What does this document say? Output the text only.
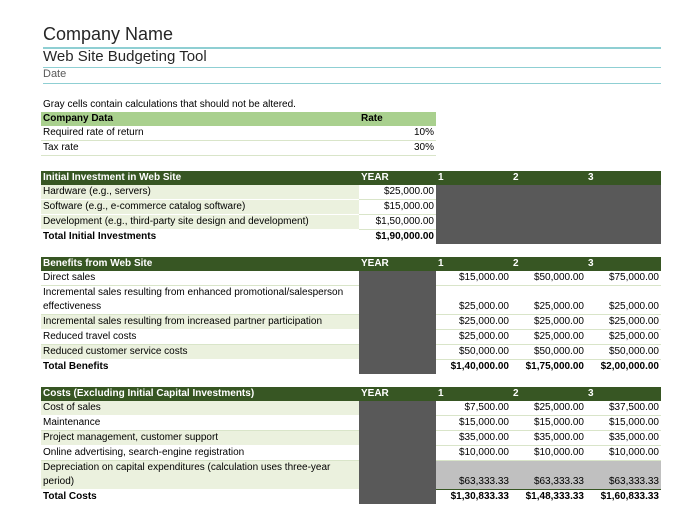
Company Name
Web Site Budgeting Tool
Date
Gray cells contain calculations that should not be altered.
Company Data	Rate
Required rate of return	10%
Tax rate	30%
Initial Investment in Web Site	YEAR	1	2	3
Hardware (e.g., servers)	$25,000.00			
Software (e.g., e-commerce catalog software)	$15,000.00			
Development (e.g., third-party site design and development)	$1,50,000.00			
Total Initial Investments	$1,90,000.00			
Benefits from Web Site	YEAR	1	2	3
Direct sales		$15,000.00	$50,000.00	$75,000.00
Incremental sales resulting from enhanced promotional/salesperson effectiveness		$25,000.00	$25,000.00	$25,000.00
Incremental sales resulting from increased partner participation		$25,000.00	$25,000.00	$25,000.00
Reduced travel costs		$25,000.00	$25,000.00	$25,000.00
Reduced customer service costs		$50,000.00	$50,000.00	$50,000.00
Total Benefits		$1,40,000.00	$1,75,000.00	$2,00,000.00
Costs (Excluding Initial Capital Investments)	YEAR	1	2	3
Cost of sales		$7,500.00	$25,000.00	$37,500.00
Maintenance		$15,000.00	$15,000.00	$15,000.00
Project management, customer support		$35,000.00	$35,000.00	$35,000.00
Online advertising, search-engine registration		$10,000.00	$10,000.00	$10,000.00
Depreciation on capital expenditures (calculation uses three-year period)		$63,333.33	$63,333.33	$63,333.33
Total Costs		$1,30,833.33	$1,48,333.33	$1,60,833.33
